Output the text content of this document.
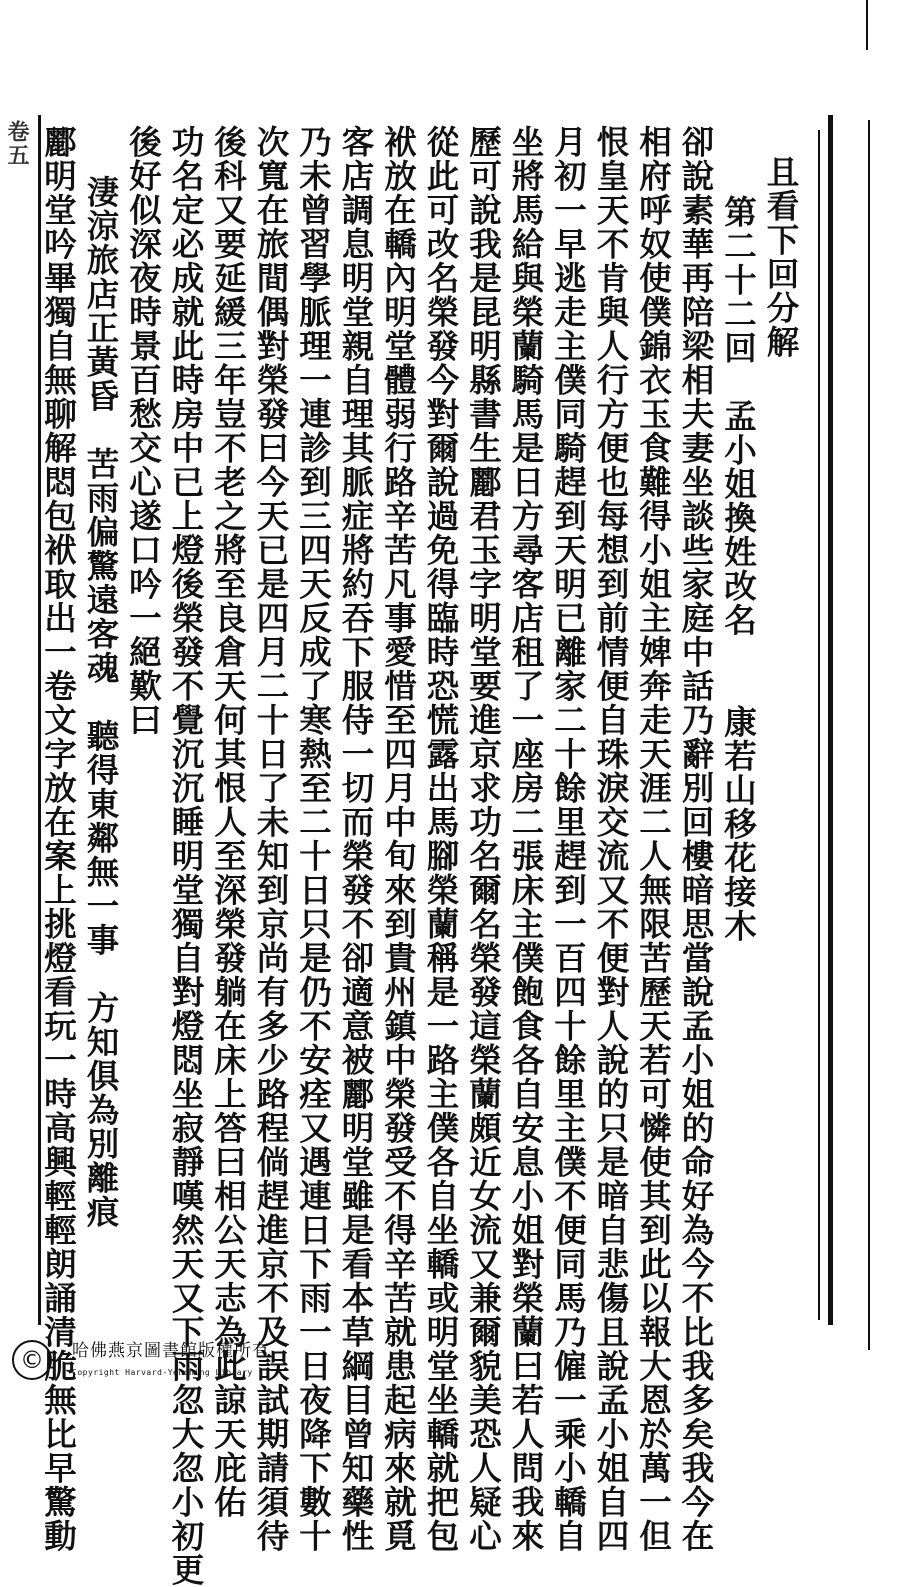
卷五
且看下回分解
第二十二回　孟小姐換姓改名　　康若山移花接木
卻說素華再陪梁相夫妻坐談些家庭中話乃辭別回樓暗思當說孟小姐的命好為今不比我多矣我今在
相府呼奴使僕錦衣玉食難得小姐主婢奔走天涯二人無限苦歷天若可憐使其到此以報大恩於萬一但
恨皇天不肯與人行方便也每想到前情便自珠淚交流又不便對人說的只是暗自悲傷且說孟小姐自四
月初一早逃走主僕同騎趕到天明已離家二十餘里趕到一百四十餘里主僕不便同馬乃僱一乘小轎自
坐將馬給與榮蘭騎馬是日方尋客店租了一座房二張床主僕飽食各自安息小姐對榮蘭曰若人問我來
歷可說我是昆明縣書生酈君玉字明堂要進京求功名爾名榮發這榮蘭頗近女流又兼爾貌美恐人疑心
從此可改名榮發今對爾說過免得臨時恐慌露出馬腳榮蘭稱是一路主僕各自坐轎或明堂坐轎就把包
袱放在轎內明堂體弱行路辛苦凡事愛惜至四月中旬來到貴州鎮中榮發受不得辛苦就患起病來就覓
客店調息明堂親自理其脈症將約吞下服侍一切而榮發不卻適意被酈明堂雖是看本草綱目曾知藥性
乃未曾習學脈理一連診到三四天反成了寒熱至二十日只是仍不安痊又遇連日下雨一日夜降下數十
次寬在旅間偶對榮發曰今天已是四月二十日了未知到京尚有多少路程倘趕進京不及誤試期請須待
後科又要延緩三年豈不老之將至良倉天何其恨人至深榮發躺在床上答曰相公天志為此諒天庇佑
功名定必成就此時房中已上燈後榮發不覺沉沉睡明堂獨自對燈悶坐寂靜嘆然天又下雨忽大忽小初更
後好似深夜時景百愁交心遂口吟一絕歎曰
淒涼旅店正黃昏　苦雨偏驚遠客魂　聽得東鄰無一事　方知俱為別離痕
酈明堂吟畢獨自無聊解悶包袱取出一卷文字放在案上挑燈看玩一時高興輕輕朗誦清脆無比早驚動
©	哈佛燕京圖書館版權所有
Copyright Harvard-Yenching Library
